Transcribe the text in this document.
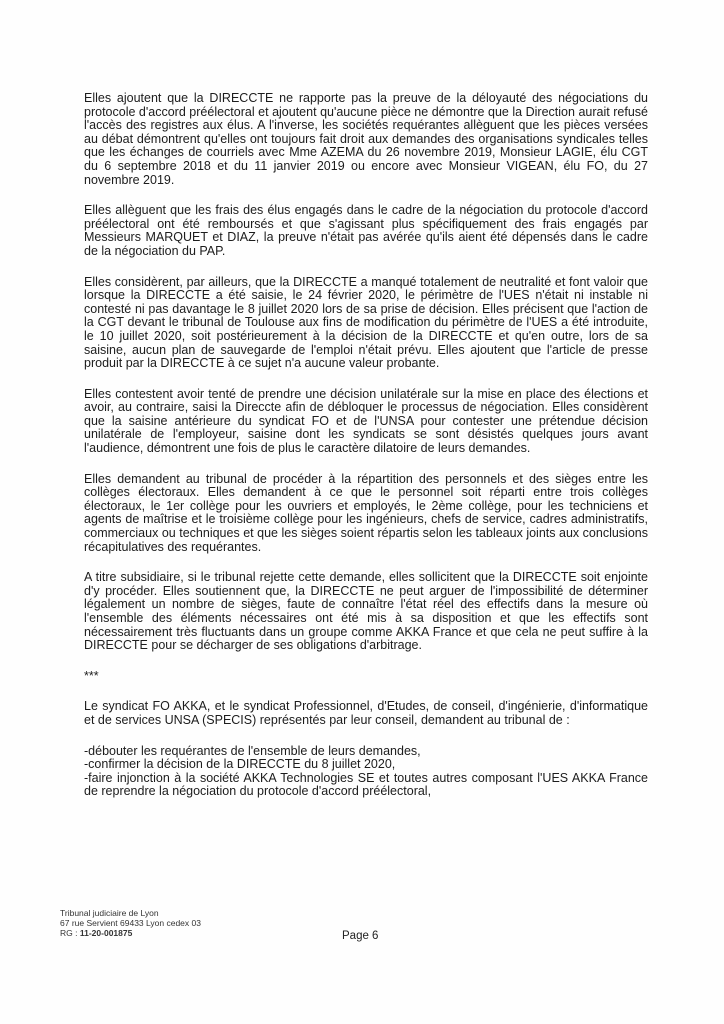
Elles ajoutent que la DIRECCTE ne rapporte pas la preuve de la déloyauté des négociations du protocole d'accord préélectoral et ajoutent qu'aucune pièce ne démontre que la Direction aurait refusé l'accès des registres aux élus. A l'inverse, les sociétés requérantes allèguent que les pièces versées au débat démontrent qu'elles ont toujours fait droit aux demandes des organisations syndicales telles que les échanges de courriels avec Mme AZEMA du 26 novembre 2019, Monsieur LAGIE, élu CGT du 6 septembre 2018 et du 11 janvier 2019 ou encore avec Monsieur VIGEAN, élu FO, du 27 novembre 2019.

Elles allèguent que les frais des élus engagés dans le cadre de la négociation du protocole d'accord préélectoral ont été remboursés et que s'agissant plus spécifiquement des frais engagés par Messieurs MARQUET et DIAZ, la preuve n'était pas avérée qu'ils aient été dépensés dans le cadre de la négociation du PAP.

Elles considèrent, par ailleurs, que la DIRECCTE a manqué totalement de neutralité et font valoir que lorsque la DIRECCTE a été saisie, le 24 février 2020, le périmètre de l'UES n'était ni instable ni contesté ni pas davantage le 8 juillet 2020 lors de sa prise de décision. Elles précisent que l'action de la CGT devant le tribunal de Toulouse aux fins de modification du périmètre de l'UES a été introduite, le 10 juillet 2020, soit postérieurement à la décision de la DIRECCTE et qu'en outre, lors de sa saisine, aucun plan de sauvegarde de l'emploi n'était prévu. Elles ajoutent que l'article de presse produit par la DIRECCTE à ce sujet n'a aucune valeur probante.

Elles contestent avoir tenté de prendre une décision unilatérale sur la mise en place des élections et avoir, au contraire, saisi la Direccte afin de débloquer le processus de négociation. Elles considèrent que la saisine antérieure du syndicat FO et de l'UNSA pour contester une prétendue décision unilatérale de l'employeur, saisine dont les syndicats se sont désistés quelques jours avant l'audience, démontrent une fois de plus le caractère dilatoire de leurs demandes.

Elles demandent au tribunal de procéder à la répartition des personnels et des sièges entre les collèges électoraux. Elles demandent à ce que le personnel soit réparti entre trois collèges électoraux, le 1er collège pour les ouvriers et employés, le 2ème collège, pour les techniciens et agents de maîtrise et le troisième collège pour les ingénieurs, chefs de service, cadres administratifs, commerciaux ou techniques et que les sièges soient répartis selon les tableaux joints aux conclusions récapitulatives des requérantes.

A titre subsidiaire, si le tribunal rejette cette demande, elles sollicitent que la DIRECCTE soit enjointe d'y procéder. Elles soutiennent que, la DIRECCTE ne peut arguer de l'impossibilité de déterminer légalement un nombre de sièges, faute de connaître l'état réel des effectifs dans la mesure où l'ensemble des éléments nécessaires ont été mis à sa disposition et que les effectifs sont nécessairement très fluctuants dans un groupe comme AKKA France et que cela ne peut suffire à la DIRECCTE pour se décharger de ses obligations d'arbitrage.

***

Le syndicat FO AKKA, et le syndicat Professionnel, d'Etudes, de conseil, d'ingénierie, d'informatique et de services UNSA (SPECIS) représentés par leur conseil, demandent au tribunal de :

-débouter les requérantes de l'ensemble de leurs demandes,

-confirmer la décision de la DIRECCTE du 8 juillet 2020,

-faire injonction à la société AKKA Technologies SE et toutes autres composant l'UES AKKA France de reprendre la négociation du protocole d'accord préélectoral,

Tribunal judiciaire de Lyon
67 rue Servient 69433 Lyon cedex 03
RG : 11-20-001875	Page 6
